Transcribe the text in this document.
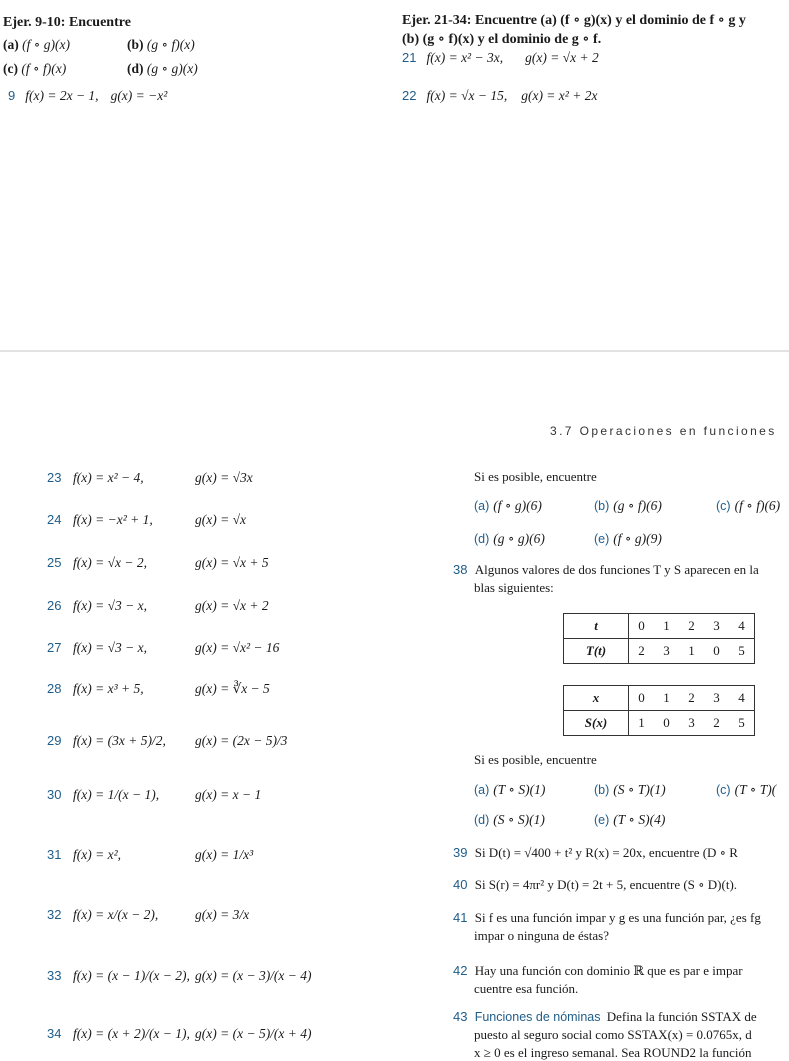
Ejer. 9-10: Encuentre
(a) (f ∘ g)(x)	(b) (g ∘ f)(x)
(c) (f ∘ f)(x)	(d) (g ∘ g)(x)
9 f(x) = 2x − 1, g(x) = −x²
Ejer. 21-34: Encuentre (a) (f ∘ g)(x) y el dominio de f ∘ g y
(b) (g ∘ f)(x) y el dominio de g ∘ f.
21 f(x) = x² − 3x, g(x) = √x + 2
22 f(x) = √x − 15, g(x) = x² + 2x
3.7 Operaciones en funciones
23 f(x) = x² − 4,	g(x) = √3x
24 f(x) = −x² + 1,	g(x) = √x
25 f(x) = √x − 2,	g(x) = √x + 5
26 f(x) = √3 − x,	g(x) = √x + 2
27 f(x) = √3 − x,	g(x) = √x² − 16
28 f(x) = x³ + 5,	g(x) = ∛x − 5
29 f(x) = (3x + 5)/2, g(x) = (2x − 5)/3
30 f(x) = 1/(x − 1),	g(x) = x − 1
31 f(x) = x²,	g(x) = 1/x³
32 f(x) = x/(x − 2),	g(x) = 3/x
33 f(x) = (x − 1)/(x − 2), g(x) = (x − 3)/(x − 4)
34 f(x) = (x + 2)/(x − 1), g(x) = (x − 5)/(x + 4)
Si es posible, encuentre
(a) (f ∘ g)(6)	(b) (g ∘ f)(6)	(c) (f ∘ f)(6)
(d) (g ∘ g)(6)	(e) (f ∘ g)(9)
38 Algunos valores de dos funciones T y S aparecen en la
blas siguientes:
t	0	1	2	3	4
T(t)	2	3	1	0	5
x	0	1	2	3	4
S(x)	1	0	3	2	5
Si es posible, encuentre
(a) (T ∘ S)(1)	(b) (S ∘ T)(1)	(c) (T ∘ T)(
(d) (S ∘ S)(1)	(e) (T ∘ S)(4)
39 Si D(t) = √400 + t² y R(x) = 20x, encuentre (D ∘ R
40 Si S(r) = 4πr² y D(t) = 2t + 5, encuentre (S ∘ D)(t).
41 Si f es una función impar y g es una función par, ¿es fg
impar o ninguna de éstas?
42 Hay una función con dominio ℝ que es par e impar
cuentre esa función.
43 Funciones de nóminas Defina la función SSTAX de
puesto al seguro social como SSTAX(x) = 0.0765x, d
x ≥ 0 es el ingreso semanal. Sea ROUND2 la función
